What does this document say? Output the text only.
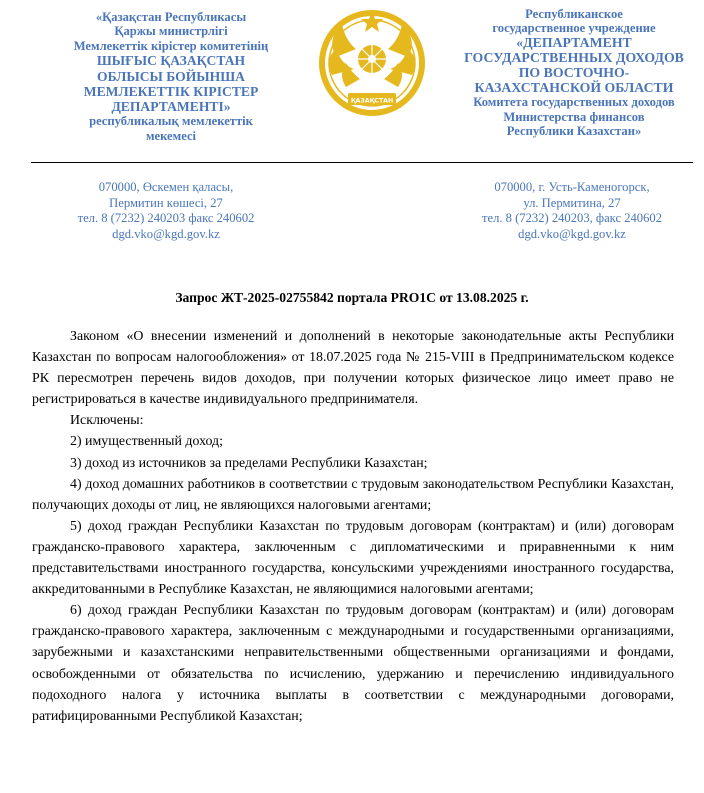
«Қазақстан Республикасы
Қаржы министрлігі
Мемлекеттік кірістер комитетінің
ШЫҒЫС ҚАЗАҚСТАН
ОБЛЫСЫ БОЙЫНША
МЕМЛЕКЕТТІК КІРІСТЕР
ДЕПАРТАМЕНТІ»
республикалық мемлекеттік
мекемесі
ҚАЗАҚСТАН
Республиканское
государственное учреждение
«ДЕПАРТАМЕНТ
ГОСУДАРСТВЕННЫХ ДОХОДОВ
ПО ВОСТОЧНО-
КАЗАХСТАНСКОЙ ОБЛАСТИ
Комитета государственных доходов
Министерства финансов
Республики Казахстан»
070000, Өскемен қаласы,
Пермитин көшесі, 27
тел. 8 (7232) 240203 факс 240602
dgd.vko@kgd.gov.kz
070000, г. Усть-Каменогорск,
ул. Пермитина, 27
тел. 8 (7232) 240203, факс 240602
dgd.vko@kgd.gov.kz
Запрос ЖТ-2025-02755842 портала PRO1C от 13.08.2025 г.

Законом «О внесении изменений и дополнений в некоторые законодательные акты Республики Казахстан по вопросам налогообложения» от 18.07.2025 года № 215-VIII в Предпринимательском кодексе РК пересмотрен перечень видов доходов, при получении которых физическое лицо имеет право не регистрироваться в качестве индивидуального предпринимателя.

Исключены:

2) имущественный доход;

3) доход из источников за пределами Республики Казахстан;

4) доход домашних работников в соответствии с трудовым законодательством Республики Казахстан, получающих доходы от лиц, не являющихся налоговыми агентами;

5) доход граждан Республики Казахстан по трудовым договорам (контрактам) и (или) договорам гражданско-правового характера, заключенным с дипломатическими и приравненными к ним представительствами иностранного государства, консульскими учреждениями иностранного государства, аккредитованными в Республике Казахстан, не являющимися налоговыми агентами;

6) доход граждан Республики Казахстан по трудовым договорам (контрактам) и (или) договорам гражданско-правового характера, заключенным с международными и государственными организациями, зарубежными и казахстанскими неправительственными общественными организациями и фондами, освобожденными от обязательства по исчислению, удержанию и перечислению индивидуального подоходного налога у источника выплаты в соответствии с международными договорами, ратифицированными Республикой Казахстан;
